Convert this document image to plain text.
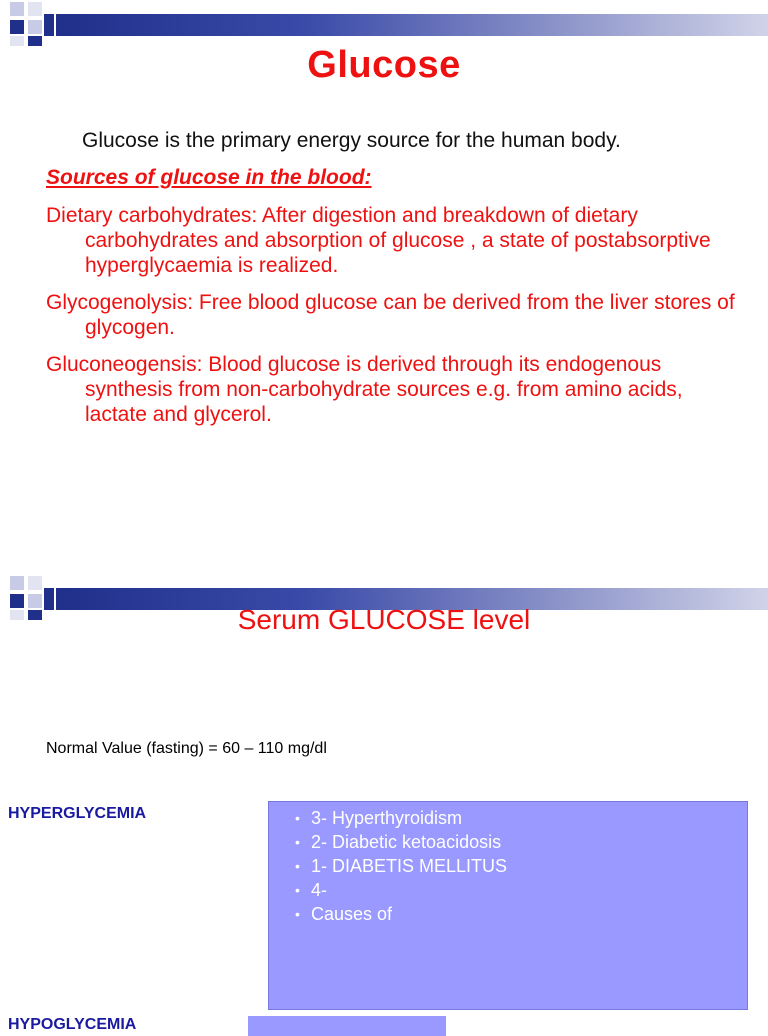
Glucose
Glucose is the primary energy source for the human body.
Sources of glucose in the blood:
Dietary carbohydrates: After digestion and breakdown of dietary carbohydrates and absorption of glucose , a state of postabsorptive hyperglycaemia is realized.
Glycogenolysis: Free blood glucose can be derived from the liver stores of glycogen.
Gluconeogensis: Blood glucose is derived through its endogenous synthesis from non-carbohydrate sources e.g. from amino acids, lactate and glycerol.
Serum GLUCOSE level
Normal Value (fasting) = 60 – 110 mg/dl
HYPERGLYCEMIA	• 3- Hyperthyroidism
• 2- Diabetic ketoacidosis
• 1- DIABETIS MELLITUS
• 4-
• Causes of
HYPOGLYCEMIA
